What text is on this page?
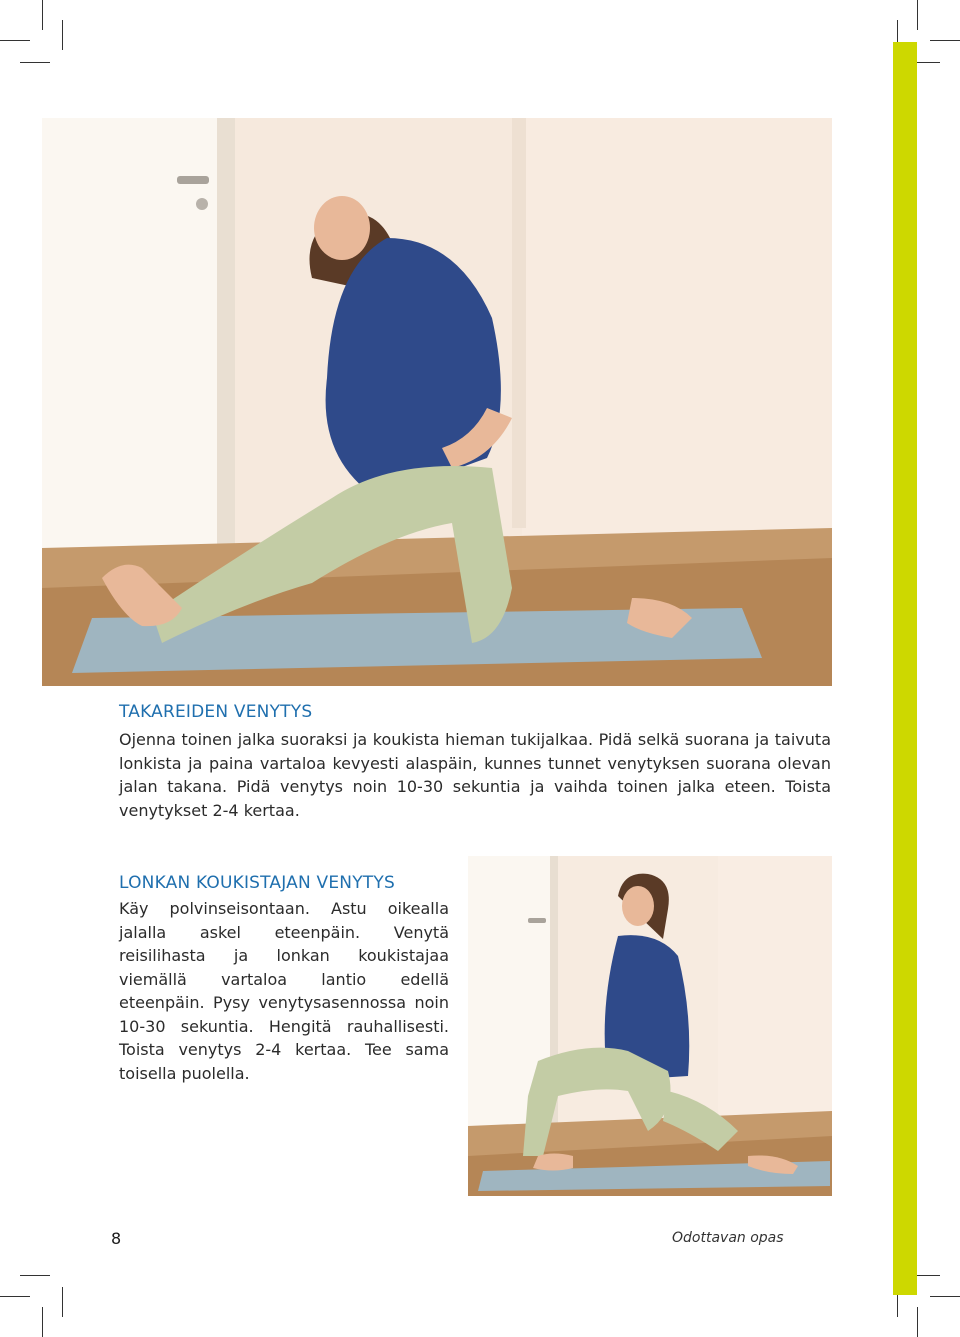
TAKAREIDEN VENYTYS

Ojenna toinen jalka suoraksi ja koukista hieman tukijalkaa. Pidä selkä suorana ja taivuta lonkista ja paina vartaloa kevyesti alaspäin, kunnes tunnet venytyksen suorana olevan jalan takana. Pidä venytys noin 10-30 sekuntia ja vaihda toinen jalka eteen. Toista venytykset 2-4 kertaa.

LONKAN KOUKISTAJAN VENYTYS

Käy polvinseisontaan. Astu oikealla jalalla askel eteenpäin. Venytä reisilihasta ja lonkan koukistajaa viemällä vartaloa lantio edellä eteenpäin. Pysy venytysasennossa noin 10-30 sekuntia. Hengitä rauhallisesti. Toista venytys 2-4 kertaa. Tee sama toisella puolella.

8	Odottavan opas
